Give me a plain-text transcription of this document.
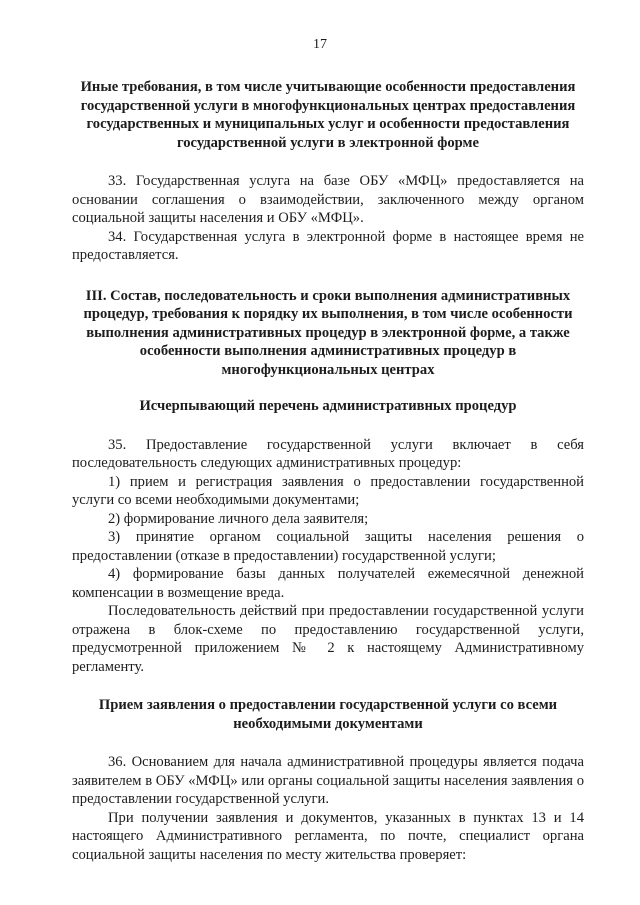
17

Иные требования, в том числе учитывающие особенности предоставления государственной услуги в многофункциональных центрах предоставления государственных и муниципальных услуг и особенности предоставления государственной услуги в электронной форме

33. Государственная услуга на базе ОБУ «МФЦ» предоставляется на основании соглашения о взаимодействии, заключенного между органом социальной защиты населения и ОБУ «МФЦ».

34. Государственная услуга в электронной форме в настоящее время не предоставляется.

III. Состав, последовательность и сроки выполнения административных процедур, требования к порядку их выполнения, в том числе особенности выполнения административных процедур в электронной форме, а также особенности выполнения административных процедур в многофункциональных центрах

Исчерпывающий перечень административных процедур

35. Предоставление государственной услуги включает в себя последовательность следующих административных процедур:

1) прием и регистрация заявления о предоставлении государственной услуги со всеми необходимыми документами;

2) формирование личного дела заявителя;

3) принятие органом социальной защиты населения решения о предоставлении (отказе в предоставлении) государственной услуги;

4) формирование базы данных получателей ежемесячной денежной компенсации в возмещение вреда.

Последовательность действий при предоставлении государственной услуги отражена в блок-схеме по предоставлению государственной услуги, предусмотренной приложением № 2 к настоящему Административному регламенту.

Прием заявления о предоставлении государственной услуги со всеми необходимыми документами

36. Основанием для начала административной процедуры является подача заявителем в ОБУ «МФЦ» или органы социальной защиты населения заявления о предоставлении государственной услуги.

При получении заявления и документов, указанных в пунктах 13 и 14 настоящего Административного регламента, по почте, специалист органа социальной защиты населения по месту жительства проверяет:
